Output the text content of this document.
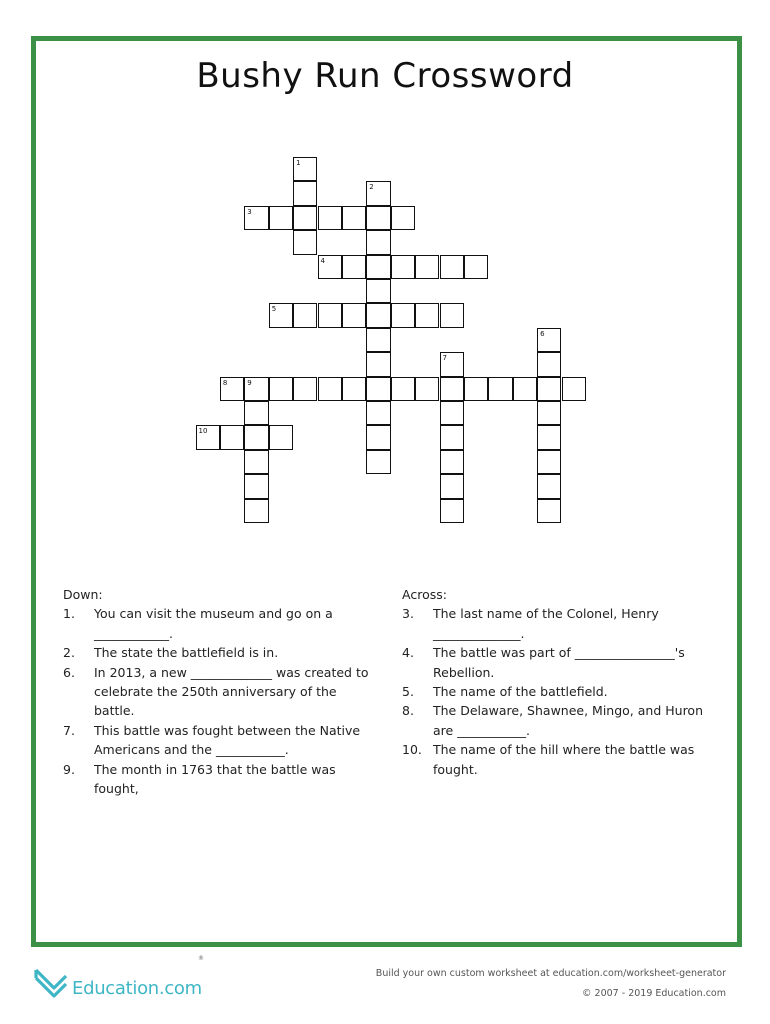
Bushy Run Crossword
3
4
5
8	9
10
1
2
6
7
Down:
1.	You can visit the museum and go on a ____________.
2.	The state the battlefield is in.
6.	In 2013, a new _____________ was created to celebrate the 250th anniversary of the battle.
7.	This battle was fought between the Native Americans and the ___________.
9.	The month in 1763 that the battle was fought,
Across:
3.	The last name of the Colonel, Henry ______________.
4.	The battle was part of ________________'s Rebellion.
5.	The name of the battlefield.
8.	The Delaware, Shawnee, Mingo, and Huron are ___________.
10. The name of the hill where the battle was fought.
Education.com
®
Build your own custom worksheet at education.com/worksheet-generator
© 2007 - 2019 Education.com
